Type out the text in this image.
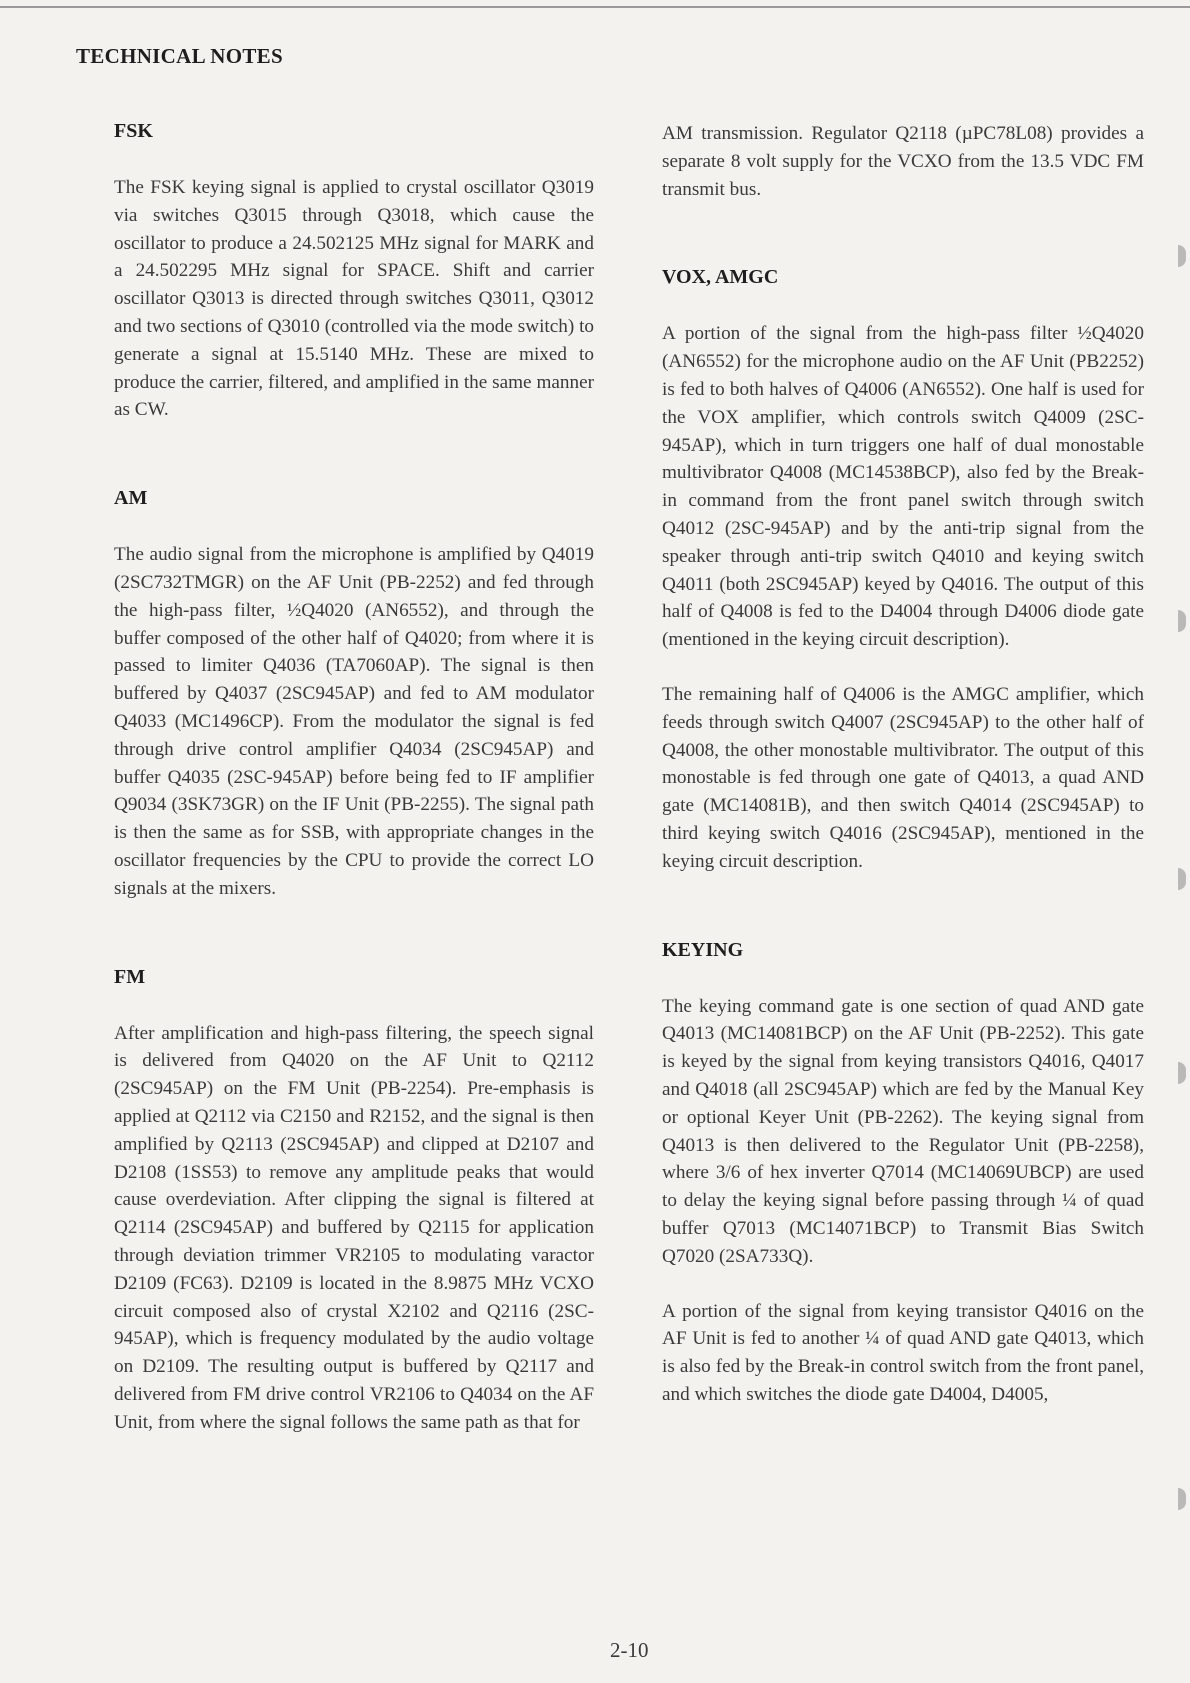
TECHNICAL NOTES
FSK

The FSK keying signal is applied to crystal oscillator Q3019 via switches Q3015 through Q3018, which cause the oscillator to produce a 24.502125 MHz signal for MARK and a 24.502295 MHz signal for SPACE. Shift and carrier oscillator Q3013 is directed through switches Q3011, Q3012 and two sections of Q3010 (controlled via the mode switch) to generate a signal at 15.5140 MHz. These are mixed to produce the carrier, filtered, and amplified in the same manner as CW.

AM

The audio signal from the microphone is amplified by Q4019 (2SC732TMGR) on the AF Unit (PB-2252) and fed through the high-pass filter, ½Q4020 (AN6552), and through the buffer composed of the other half of Q4020; from where it is passed to limiter Q4036 (TA7060AP). The signal is then buffered by Q4037 (2SC945AP) and fed to AM modulator Q4033 (MC1496CP). From the modulator the signal is fed through drive control amplifier Q4034 (2SC945AP) and buffer Q4035 (2SC-945AP) before being fed to IF amplifier Q9034 (3SK73GR) on the IF Unit (PB-2255). The signal path is then the same as for SSB, with appropriate changes in the oscillator frequencies by the CPU to provide the correct LO signals at the mixers.

FM

After amplification and high-pass filtering, the speech signal is delivered from Q4020 on the AF Unit to Q2112 (2SC945AP) on the FM Unit (PB-2254). Pre-emphasis is applied at Q2112 via C2150 and R2152, and the signal is then amplified by Q2113 (2SC945AP) and clipped at D2107 and D2108 (1SS53) to remove any amplitude peaks that would cause overdeviation. After clipping the signal is filtered at Q2114 (2SC945AP) and buffered by Q2115 for application through deviation trimmer VR2105 to modulating varactor D2109 (FC63). D2109 is located in the 8.9875 MHz VCXO circuit composed also of crystal X2102 and Q2116 (2SC-945AP), which is frequency modulated by the audio voltage on D2109. The resulting output is buffered by Q2117 and delivered from FM drive control VR2106 to Q4034 on the AF Unit, from where the signal follows the same path as that for

AM transmission. Regulator Q2118 (µPC78L08) provides a separate 8 volt supply for the VCXO from the 13.5 VDC FM transmit bus.

VOX, AMGC

A portion of the signal from the high-pass filter ½Q4020 (AN6552) for the microphone audio on the AF Unit (PB2252) is fed to both halves of Q4006 (AN6552). One half is used for the VOX amplifier, which controls switch Q4009 (2SC-945AP), which in turn triggers one half of dual monostable multivibrator Q4008 (MC14538BCP), also fed by the Break-in command from the front panel switch through switch Q4012 (2SC-945AP) and by the anti-trip signal from the speaker through anti-trip switch Q4010 and keying switch Q4011 (both 2SC945AP) keyed by Q4016. The output of this half of Q4008 is fed to the D4004 through D4006 diode gate (mentioned in the keying circuit description).

The remaining half of Q4006 is the AMGC amplifier, which feeds through switch Q4007 (2SC945AP) to the other half of Q4008, the other monostable multivibrator. The output of this monostable is fed through one gate of Q4013, a quad AND gate (MC14081B), and then switch Q4014 (2SC945AP) to third keying switch Q4016 (2SC945AP), mentioned in the keying circuit description.

KEYING

The keying command gate is one section of quad AND gate Q4013 (MC14081BCP) on the AF Unit (PB-2252). This gate is keyed by the signal from keying transistors Q4016, Q4017 and Q4018 (all 2SC945AP) which are fed by the Manual Key or optional Keyer Unit (PB-2262). The keying signal from Q4013 is then delivered to the Regulator Unit (PB-2258), where 3/6 of hex inverter Q7014 (MC14069UBCP) are used to delay the keying signal before passing through ¼ of quad buffer Q7013 (MC14071BCP) to Transmit Bias Switch Q7020 (2SA733Q).

A portion of the signal from keying transistor Q4016 on the AF Unit is fed to another ¼ of quad AND gate Q4013, which is also fed by the Break-in control switch from the front panel, and which switches the diode gate D4004, D4005,

2-10
